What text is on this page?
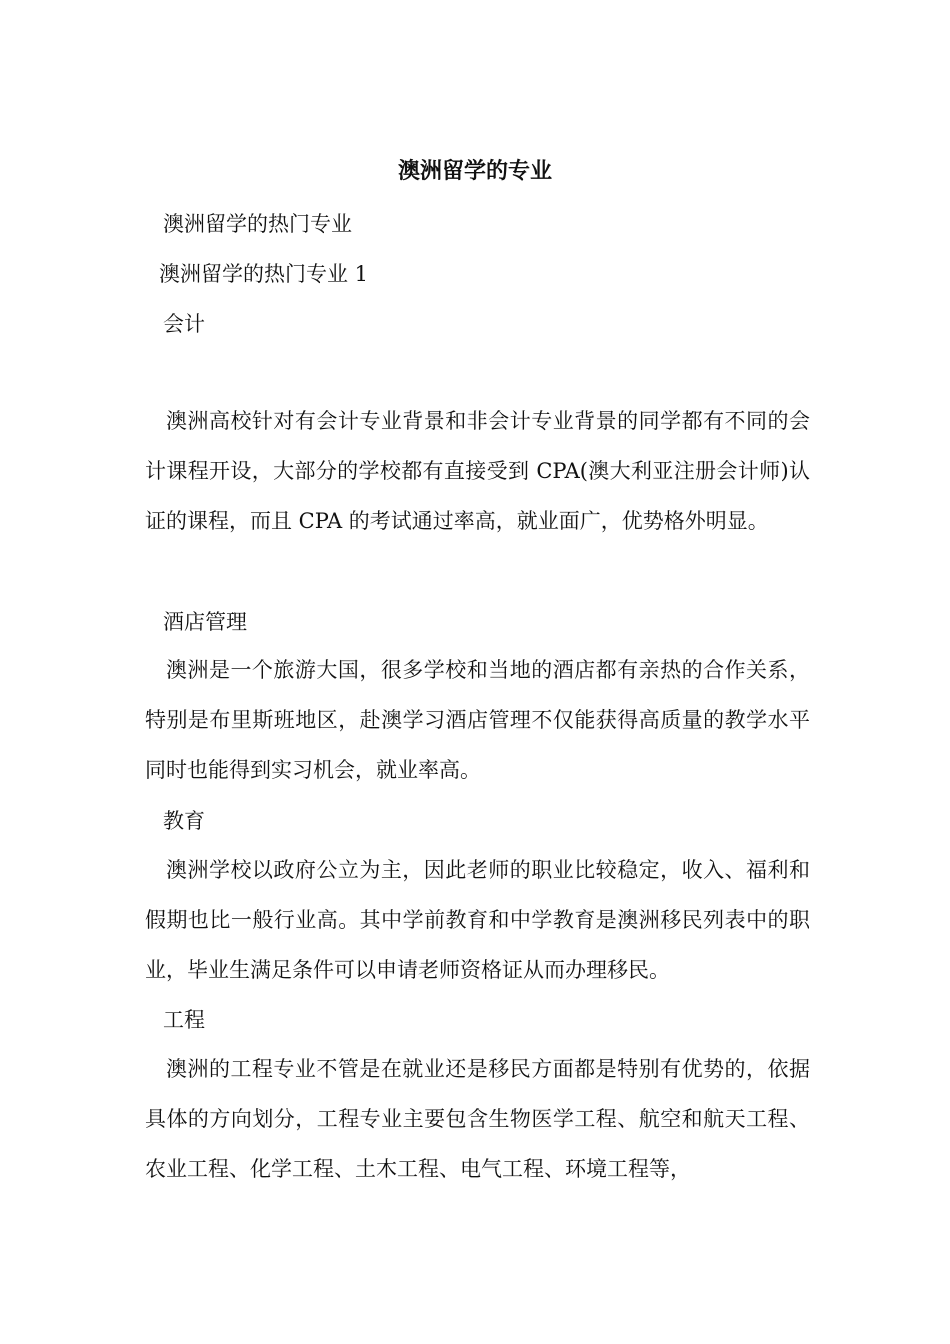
澳洲留学的专业

澳洲留学的热门专业

澳洲留学的热门专业 1

会计

澳洲高校针对有会计专业背景和非会计专业背景的同学都有不同的会计课程开设，大部分的学校都有直接受到 CPA(澳大利亚注册会计师)认证的课程，而且 CPA 的考试通过率高，就业面广，优势格外明显。

酒店管理

澳洲是一个旅游大国，很多学校和当地的酒店都有亲热的合作关系，特别是布里斯班地区，赴澳学习酒店管理不仅能获得高质量的教学水平同时也能得到实习机会，就业率高。

教育

澳洲学校以政府公立为主，因此老师的职业比较稳定，收入、福利和假期也比一般行业高。其中学前教育和中学教育是澳洲移民列表中的职业，毕业生满足条件可以申请老师资格证从而办理移民。

工程

澳洲的工程专业不管是在就业还是移民方面都是特别有优势的，依据具体的方向划分，工程专业主要包含生物医学工程、航空和航天工程、农业工程、化学工程、土木工程、电气工程、环境工程等，
